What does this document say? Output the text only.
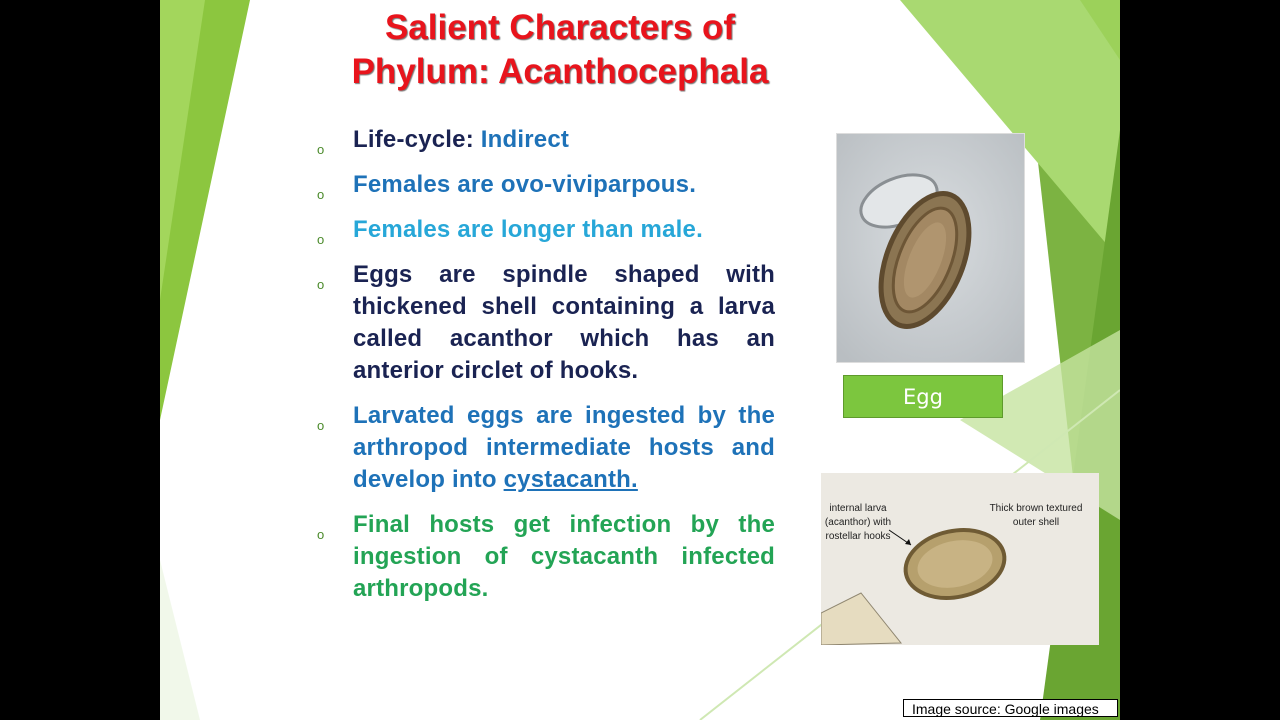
Salient Characters of
Phylum: Acanthocephala
o Life-cycle: Indirect
o Females are ovo-viviparpous.
o Females are longer than male.
o Eggs are spindle shaped with thickened shell containing a larva called acanthor which has an anterior circlet of hooks.
o Larvated eggs are ingested by the arthropod intermediate hosts and develop into cystacanth.
o Final hosts get infection by the ingestion of cystacanth infected arthropods.
Egg
internal larva (acanthor) with rostellar hooks
Thick brown textured outer shell
Image source: Google images
